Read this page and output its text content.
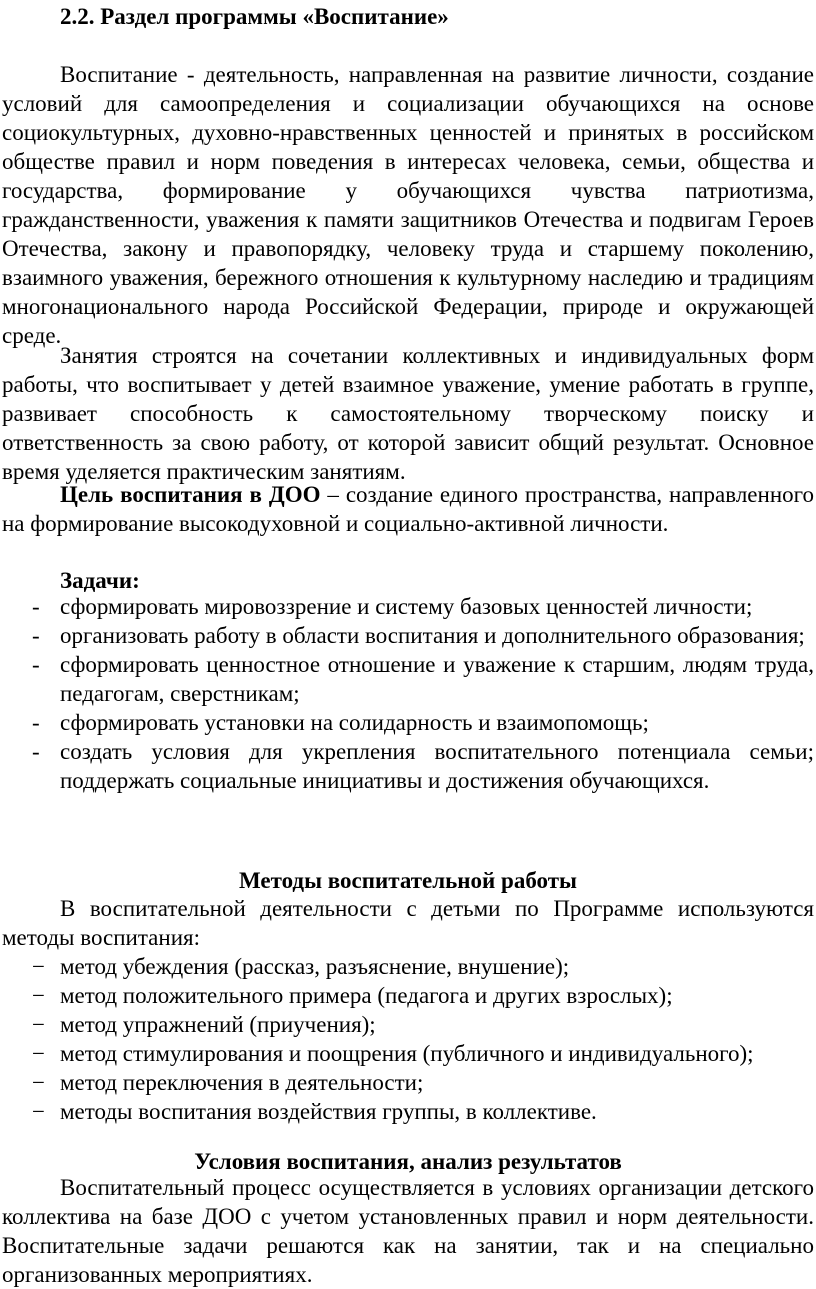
2.2. Раздел программы «Воспитание»

Воспитание - деятельность, направленная на развитие личности, создание условий для самоопределения и социализации обучающихся на основе социокультурных, духовно-нравственных ценностей и принятых в российском обществе правил и норм поведения в интересах человека, семьи, общества и государства, формирование у обучающихся чувства патриотизма, гражданственности, уважения к памяти защитников Отечества и подвигам Героев Отечества, закону и правопорядку, человеку труда и старшему поколению, взаимного уважения, бережного отношения к культурному наследию и традициям многонационального народа Российской Федерации, природе и окружающей среде.

Занятия строятся на сочетании коллективных и индивидуальных форм работы, что воспитывает у детей взаимное уважение, умение работать в группе, развивает способность к самостоятельному творческому поиску и ответственность за свою работу, от которой зависит общий результат. Основное время уделяется практическим занятиям.

Цель воспитания в ДОО – создание единого пространства, направленного на формирование высокодуховной и социально-активной личности.

Задачи:
- сформировать мировоззрение и систему базовых ценностей личности;
- организовать работу в области воспитания и дополнительного образования;
- сформировать ценностное отношение и уважение к старшим, людям труда, педагогам, сверстникам;
- сформировать установки на солидарность и взаимопомощь;
- создать условия для укрепления воспитательного потенциала семьи; поддержать социальные инициативы и достижения обучающихся.
Методы воспитательной работы

В воспитательной деятельности с детьми по Программе используются методы воспитания:

− метод убеждения (рассказ, разъяснение, внушение);
− метод положительного примера (педагога и других взрослых);
− метод упражнений (приучения);
− метод стимулирования и поощрения (публичного и индивидуального);
− метод переключения в деятельности;
− методы воспитания воздействия группы, в коллективе.
Условия воспитания, анализ результатов

Воспитательный процесс осуществляется в условиях организации детского коллектива на базе ДОО с учетом установленных правил и норм деятельности. Воспитательные задачи решаются как на занятии, так и на специально организованных мероприятиях.
